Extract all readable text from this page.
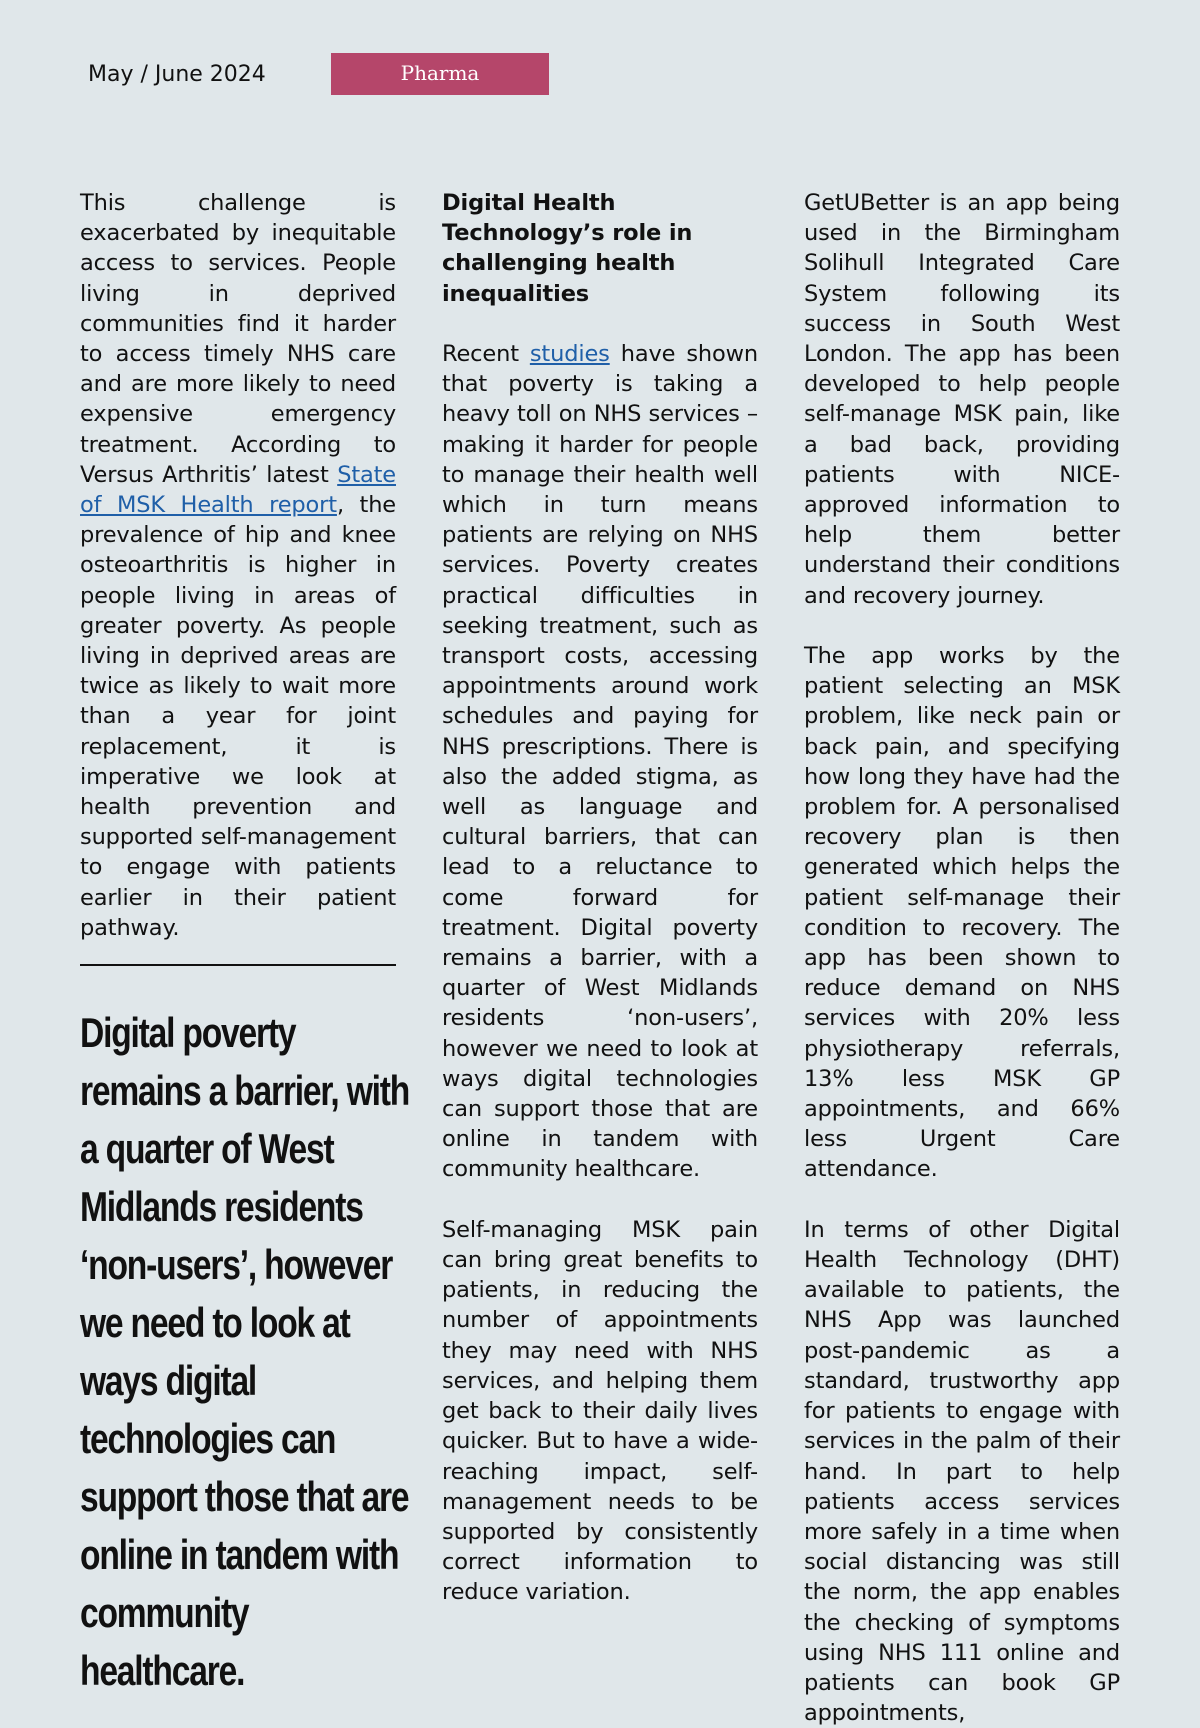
May / June 2024	Pharma

This challenge is exacerbated by inequitable access to services. People living in deprived communities find it harder to access timely NHS care and are more likely to need expensive emergency treatment. According to Versus Arthritis’ latest State of MSK Health report, the prevalence of hip and knee osteoarthritis is higher in people living in areas of greater poverty. As people living in deprived areas are twice as likely to wait more than a year for joint replacement, it is imperative we look at health prevention and supported self-management to engage with patients earlier in their patient pathway.

Digital poverty remains a barrier, with a quarter of West Midlands residents ‘non-users’, however we need to look at ways digital technologies can support those that are online in tandem with community healthcare.

Digital Health Technology’s role in challenging health inequalities

Recent studies have shown that poverty is taking a heavy toll on NHS services – making it harder for people to manage their health well which in turn means patients are relying on NHS services. Poverty creates practical difficulties in seeking treatment, such as transport costs, accessing appointments around work schedules and paying for NHS prescriptions. There is also the added stigma, as well as language and cultural barriers, that can lead to a reluctance to come forward for treatment. Digital poverty remains a barrier, with a quarter of West Midlands residents ‘non-users’, however we need to look at ways digital technologies can support those that are online in tandem with community healthcare.

Self-managing MSK pain can bring great benefits to patients, in reducing the number of appointments they may need with NHS services, and helping them get back to their daily lives quicker. But to have a wide-reaching impact, self-management needs to be supported by consistently correct information to reduce variation.

GetUBetter is an app being used in the Birmingham Solihull Integrated Care System following its success in South West London. The app has been developed to help people self-manage MSK pain, like a bad back, providing patients with NICE-approved information to help them better understand their conditions and recovery journey.

The app works by the patient selecting an MSK problem, like neck pain or back pain, and specifying how long they have had the problem for. A personalised recovery plan is then generated which helps the patient self-manage their condition to recovery. The app has been shown to reduce demand on NHS services with 20% less physiotherapy referrals, 13% less MSK GP appointments, and 66% less Urgent Care attendance.

In terms of other Digital Health Technology (DHT) available to patients, the NHS App was launched post-pandemic as a standard, trustworthy app for patients to engage with services in the palm of their hand. In part to help patients access services more safely in a time when social distancing was still the norm, the app enables the checking of symptoms using NHS 111 online and patients can book GP appointments,
